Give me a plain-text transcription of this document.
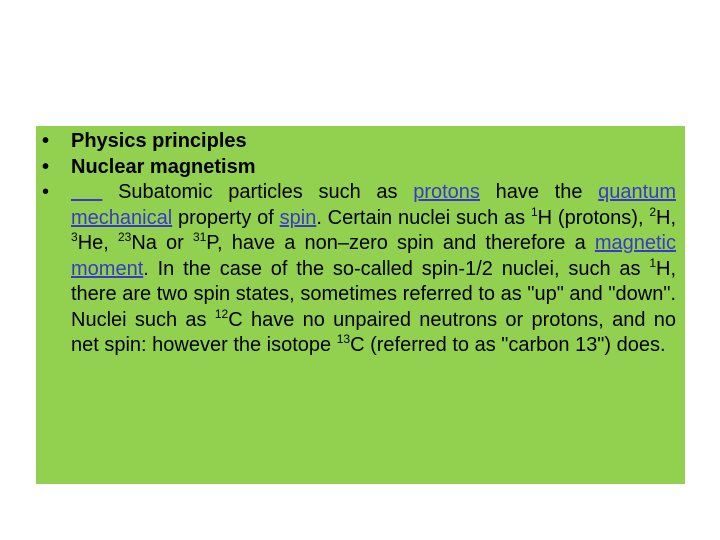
• Physics principles
• Nuclear magnetism
• Subatomic particles such as protons have the quantum mechanical property of spin. Certain nuclei such as $^1$H (protons), $^2$H, $^3$He, $^{23}$Na or $^{31}$P, have a non–zero spin and therefore a magnetic moment. In the case of the so-called spin-1/2 nuclei, such as $^1$H, there are two spin states, sometimes referred to as "up" and "down". Nuclei such as $^{12}$C have no unpaired neutrons or protons, and no net spin: however the isotope $^{13}$C (referred to as "carbon 13") does.
